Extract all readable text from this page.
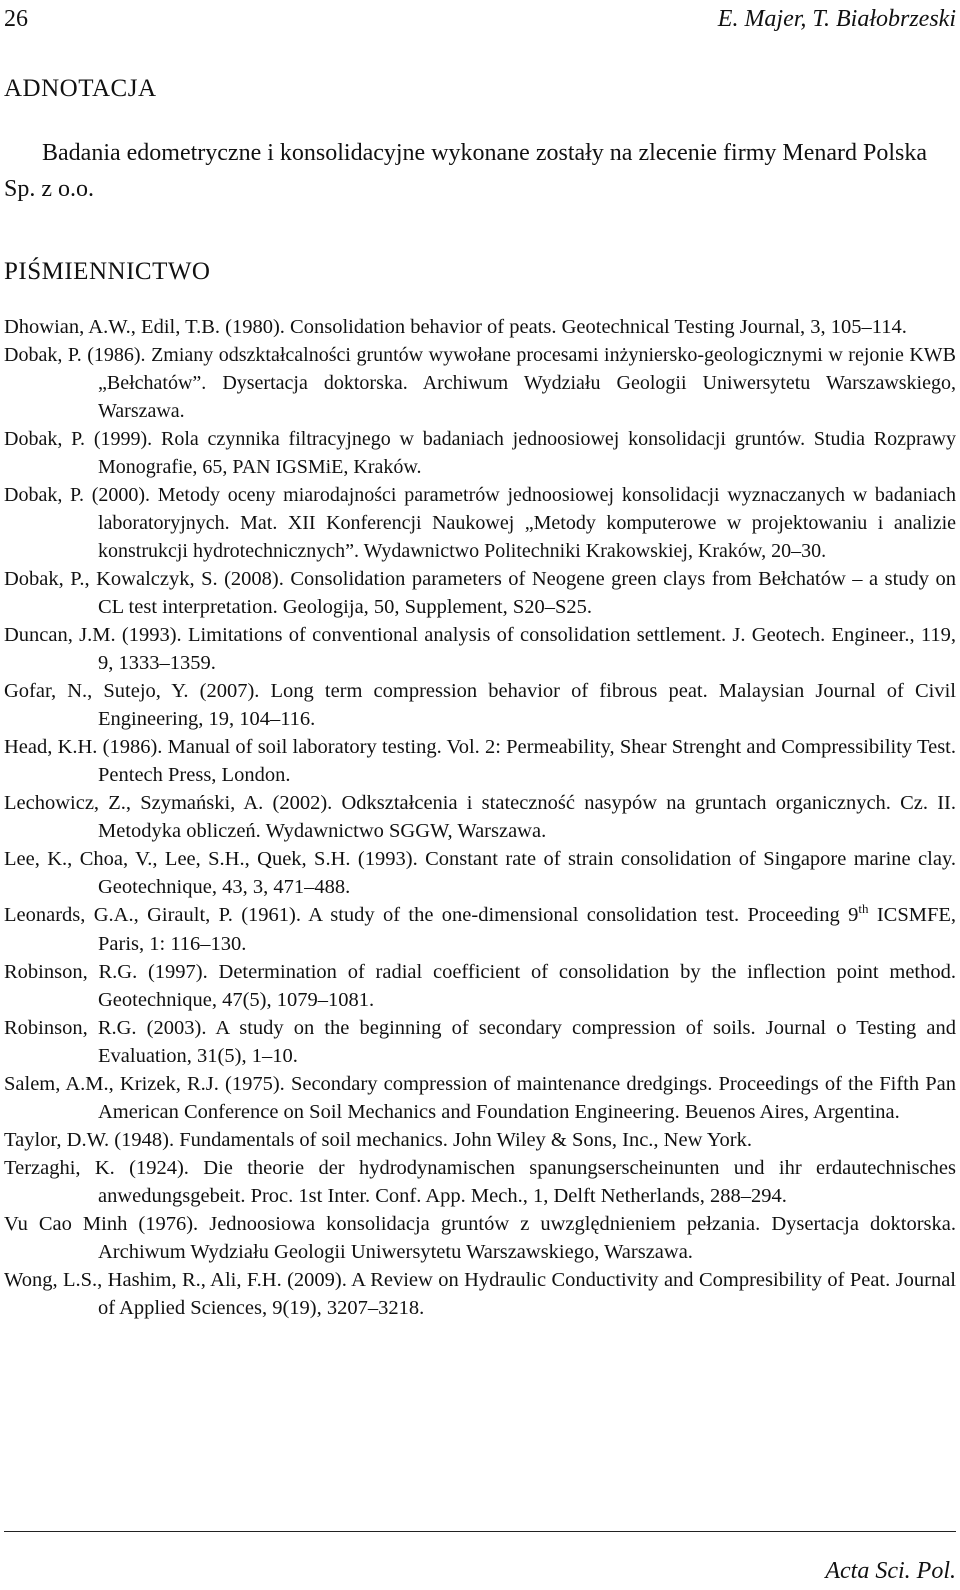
26	E. Majer, T. Białobrzeski
ADNOTACJA

Badania edometryczne i konsolidacyjne wykonane zostały na zlecenie firmy Menard Polska Sp. z o.o.

PIŚMIENNICTWO
Dhowian, A.W., Edil, T.B. (1980). Consolidation behavior of peats. Geotechnical Testing Journal, 3, 105–114.
Dobak, P. (1986). Zmiany odszktałcalności gruntów wywołane procesami inżyniersko-geologicznymi w rejonie KWB „Bełchatów”. Dysertacja doktorska. Archiwum Wydziału Geologii Uniwersytetu Warszawskiego, Warszawa.
Dobak, P. (1999). Rola czynnika filtracyjnego w badaniach jednoosiowej konsolidacji gruntów. Studia Rozprawy Monografie, 65, PAN IGSMiE, Kraków.
Dobak, P. (2000). Metody oceny miarodajności parametrów jednoosiowej konsolidacji wyznaczanych w badaniach laboratoryjnych. Mat. XII Konferencji Naukowej „Metody komputerowe w projektowaniu i analizie konstrukcji hydrotechnicznych”. Wydawnictwo Politechniki Krakowskiej, Kraków, 20–30.
Dobak, P., Kowalczyk, S. (2008). Consolidation parameters of Neogene green clays from Bełchatów – a study on CL test interpretation. Geologija, 50, Supplement, S20–S25.
Duncan, J.M. (1993). Limitations of conventional analysis of consolidation settlement. J. Geotech. Engineer., 119, 9, 1333–1359.
Gofar, N., Sutejo, Y. (2007). Long term compression behavior of fibrous peat. Malaysian Journal of Civil Engineering, 19, 104–116.
Head, K.H. (1986). Manual of soil laboratory testing. Vol. 2: Permeability, Shear Strenght and Compressibility Test. Pentech Press, London.
Lechowicz, Z., Szymański, A. (2002). Odkształcenia i stateczność nasypów na gruntach organicznych. Cz. II. Metodyka obliczeń. Wydawnictwo SGGW, Warszawa.
Lee, K., Choa, V., Lee, S.H., Quek, S.H. (1993). Constant rate of strain consolidation of Singapore marine clay. Geotechnique, 43, 3, 471–488.
Leonards, G.A., Girault, P. (1961). A study of the one-dimensional consolidation test. Proceeding 9th ICSMFE, Paris, 1: 116–130.
Robinson, R.G. (1997). Determination of radial coefficient of consolidation by the inflection point method. Geotechnique, 47(5), 1079–1081.
Robinson, R.G. (2003). A study on the beginning of secondary compression of soils. Journal o Testing and Evaluation, 31(5), 1–10.
Salem, A.M., Krizek, R.J. (1975). Secondary compression of maintenance dredgings. Proceedings of the Fifth Pan American Conference on Soil Mechanics and Foundation Engineering. Beuenos Aires, Argentina.
Taylor, D.W. (1948). Fundamentals of soil mechanics. John Wiley & Sons, Inc., New York.
Terzaghi, K. (1924). Die theorie der hydrodynamischen spanungserscheinunten und ihr erdautechnisches anwedungsgebeit. Proc. 1st Inter. Conf. App. Mech., 1, Delft Netherlands, 288–294.
Vu Cao Minh (1976). Jednoosiowa konsolidacja gruntów z uwzględnieniem pełzania. Dysertacja doktorska. Archiwum Wydziału Geologii Uniwersytetu Warszawskiego, Warszawa.
Wong, L.S., Hashim, R., Ali, F.H. (2009). A Review on Hydraulic Conductivity and Compresibility of Peat. Journal of Applied Sciences, 9(19), 3207–3218.
Acta Sci. Pol.
